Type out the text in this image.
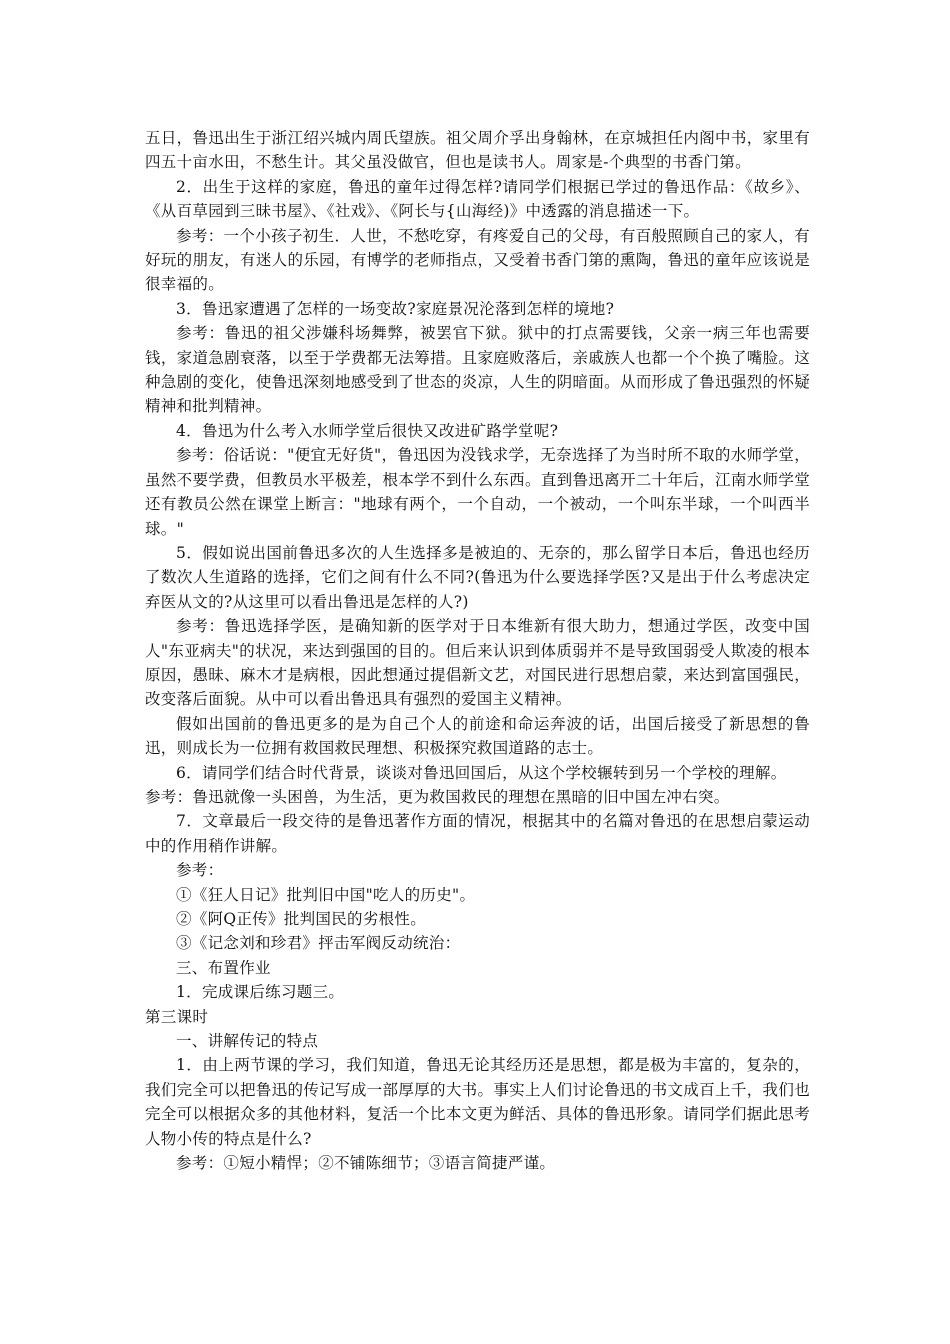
五日，鲁迅出生于浙江绍兴城内周氏望族。祖父周介孚出身翰林，在京城担任内阁中书，家里有四五十亩水田，不愁生计。其父虽没做官，但也是读书人。周家是-个典型的书香门第。

2．出生于这样的家庭，鲁迅的童年过得怎样?请同学们根据已学过的鲁迅作品：《故乡》、《从百草园到三昧书屋》、《社戏》、《阿长与{山海经)》中透露的消息描述一下。

参考：一个小孩子初生．人世，不愁吃穿，有疼爱自己的父母，有百般照顾自己的家人，有好玩的朋友，有迷人的乐园，有博学的老师指点，又受着书香门第的熏陶，鲁迅的童年应该说是很幸福的。

3．鲁迅家遭遇了怎样的一场变故?家庭景况沦落到怎样的境地?

参考：鲁迅的祖父涉嫌科场舞弊，被罢官下狱。狱中的打点需要钱，父亲一病三年也需要钱，家道急剧衰落，以至于学费都无法筹措。且家庭败落后，亲戚族人也都一个个换了嘴脸。这种急剧的变化，使鲁迅深刻地感受到了世态的炎凉，人生的阴暗面。从而形成了鲁迅强烈的怀疑精神和批判精神。

4．鲁迅为什么考入水师学堂后很快又改进矿路学堂呢?

参考：俗话说："便宜无好货"，鲁迅因为没钱求学，无奈选择了为当时所不取的水师学堂，虽然不要学费，但教员水平极差，根本学不到什么东西。直到鲁迅离开二十年后，江南水师学堂还有教员公然在课堂上断言："地球有两个，一个自动，一个被动，一个叫东半球，一个叫西半球。"

5．假如说出国前鲁迅多次的人生选择多是被迫的、无奈的，那么留学日本后，鲁迅也经历了数次人生道路的选择，它们之间有什么不同?(鲁迅为什么要选择学医?又是出于什么考虑决定弃医从文的?从这里可以看出鲁迅是怎样的人?)

参考：鲁迅选择学医，是确知新的医学对于日本维新有很大助力，想通过学医，改变中国人"东亚病夫"的状况，来达到强国的目的。但后来认识到体质弱并不是导致国弱受人欺凌的根本原因，愚昧、麻木才是病根，因此想通过提倡新文艺，对国民进行思想启蒙，来达到富国强民，改变落后面貌。从中可以看出鲁迅具有强烈的爱国主义精神。

假如出国前的鲁迅更多的是为自己个人的前途和命运奔波的话，出国后接受了新思想的鲁迅，则成长为一位拥有救国救民理想、积极探究救国道路的志士。

6．请同学们结合时代背景，谈谈对鲁迅回国后，从这个学校辗转到另一个学校的理解。

参考：鲁迅就像一头困兽，为生活，更为救国救民的理想在黑暗的旧中国左冲右突。

7．文章最后一段交待的是鲁迅著作方面的情况，根据其中的名篇对鲁迅的在思想启蒙运动中的作用稍作讲解。

参考：

①《狂人日记》批判旧中国"吃人的历史"。

②《阿Q正传》批判国民的劣根性。

③《记念刘和珍君》抨击军阀反动统治：

三、布置作业

1．完成课后练习题三。

第三课时

一、讲解传记的特点

1．由上两节课的学习，我们知道，鲁迅无论其经历还是思想，都是极为丰富的，复杂的，我们完全可以把鲁迅的传记写成一部厚厚的大书。事实上人们讨论鲁迅的书文成百上千，我们也完全可以根据众多的其他材料，复活一个比本文更为鲜活、具体的鲁迅形象。请同学们据此思考人物小传的特点是什么?

参考：①短小精悍；②不铺陈细节；③语言简捷严谨。
